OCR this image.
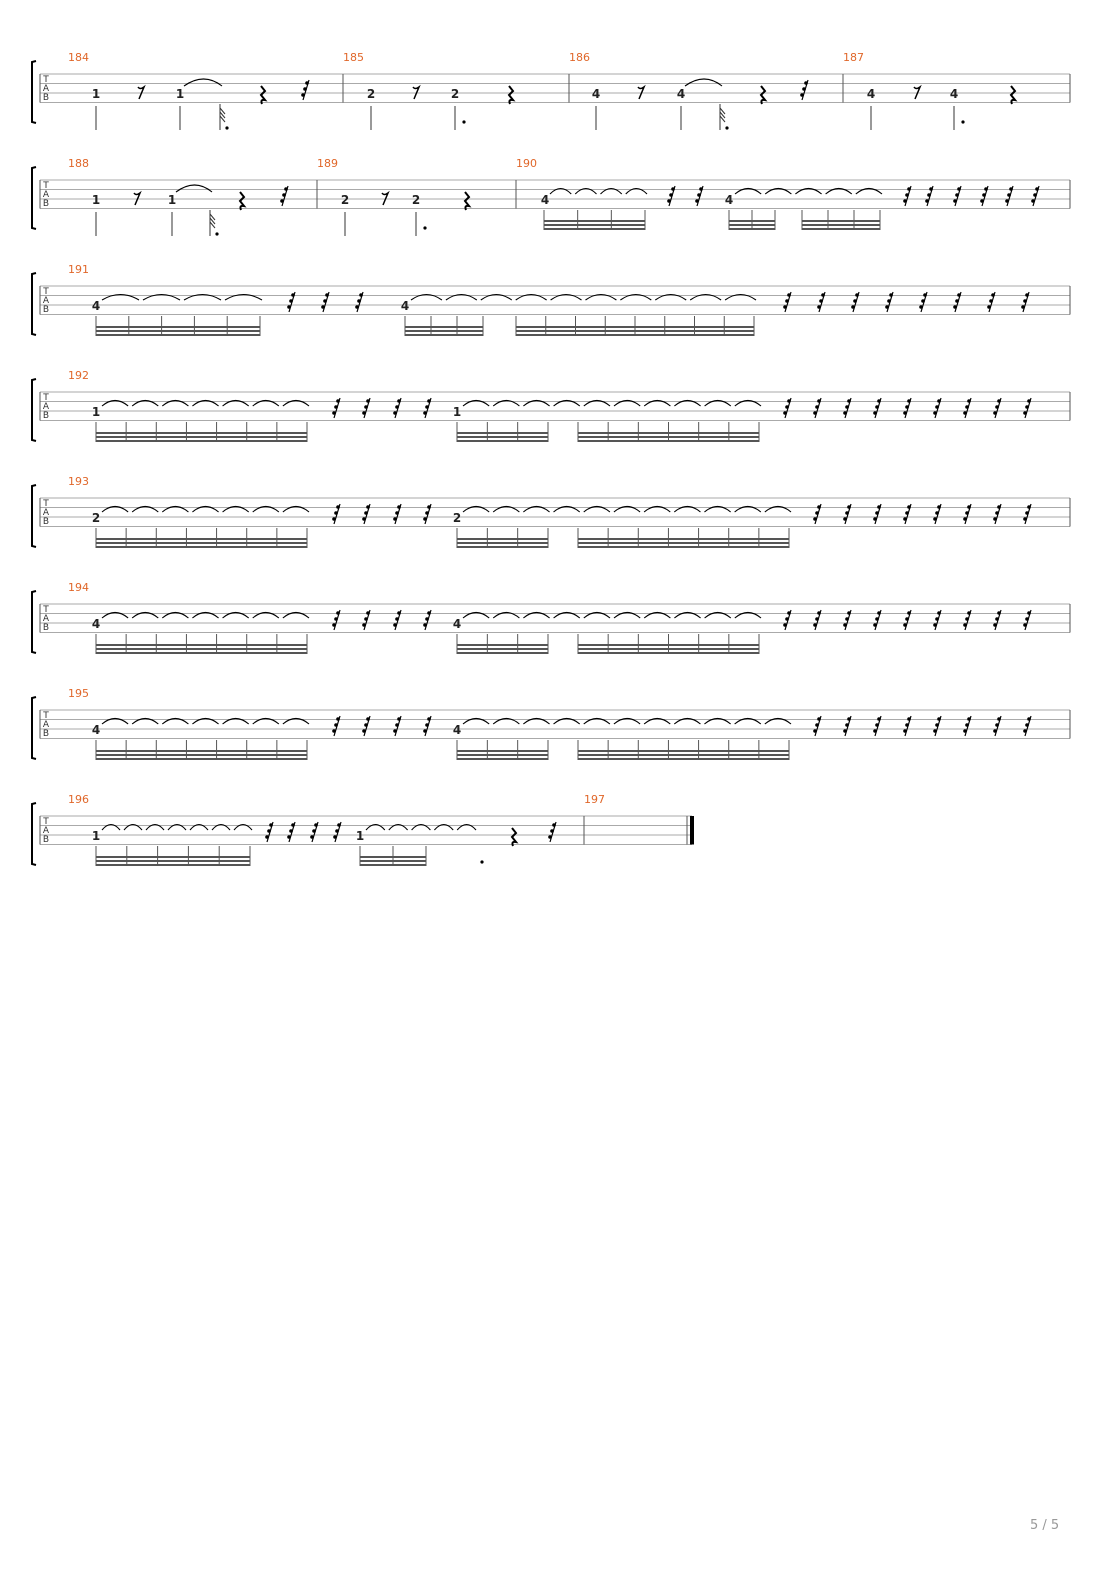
T
A
B
184
1	1
185
2	2
186
4	4
187
4	4
T
A
B
188
1	1
189
2	2
190
4	4
T
A
B
191
4	4
T
A
B
192
1	1
T
A
B
193
2	2
T
A
B
194
4	4
T
A
B
195
4	4
T
A
B
196
1	1
197
5 / 5
